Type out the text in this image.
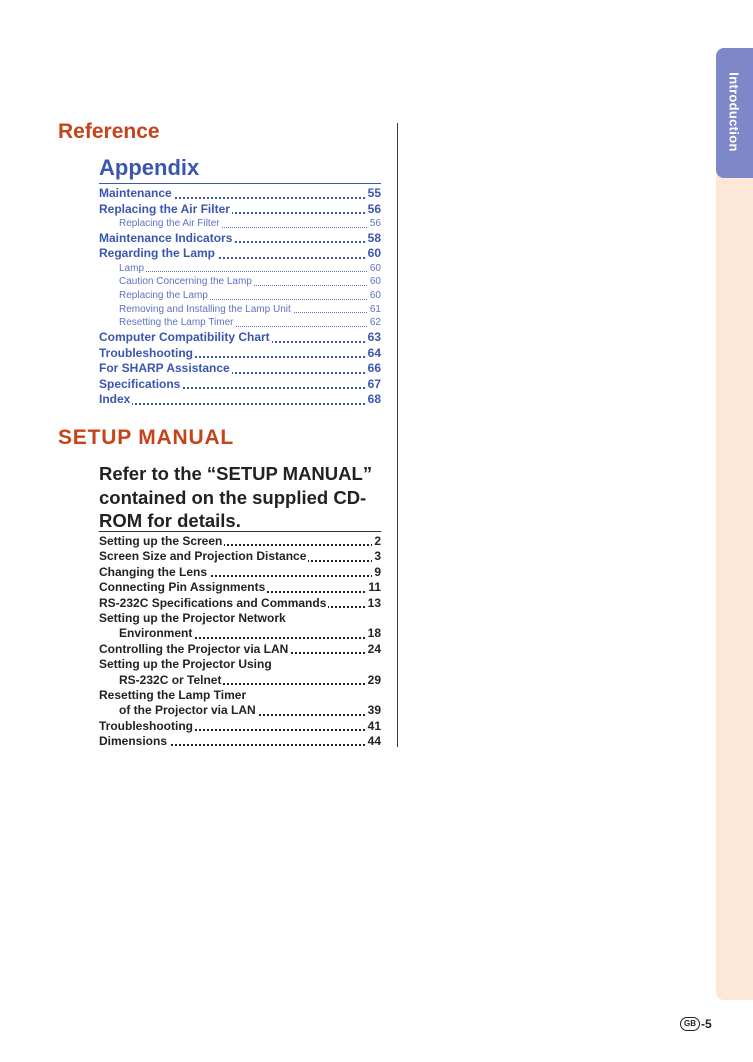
Introduction
Reference
Appendix
Maintenance	55
Replacing the Air Filter	56
Replacing the Air Filter	56
Maintenance Indicators	58
Regarding the Lamp	60
Lamp	60
Caution Concerning the Lamp	60
Replacing the Lamp	60
Removing and Installing the Lamp Unit	61
Resetting the Lamp Timer	62
Computer Compatibility Chart	63
Troubleshooting	64
For SHARP Assistance	66
Specifications	67
Index	68
SETUP MANUAL
Refer to the “SETUP MANUAL” contained on the supplied CD-ROM for details.
Setting up the Screen	2
Screen Size and Projection Distance	3
Changing the Lens	9
Connecting Pin Assignments	11
RS-232C Specifications and Commands	13
Setting up the Projector Network
Environment	18
Controlling the Projector via LAN	24
Setting up the Projector Using
RS-232C or Telnet	29
Resetting the Lamp Timer
of the Projector via LAN	39
Troubleshooting	41
Dimensions	44
GB -5
